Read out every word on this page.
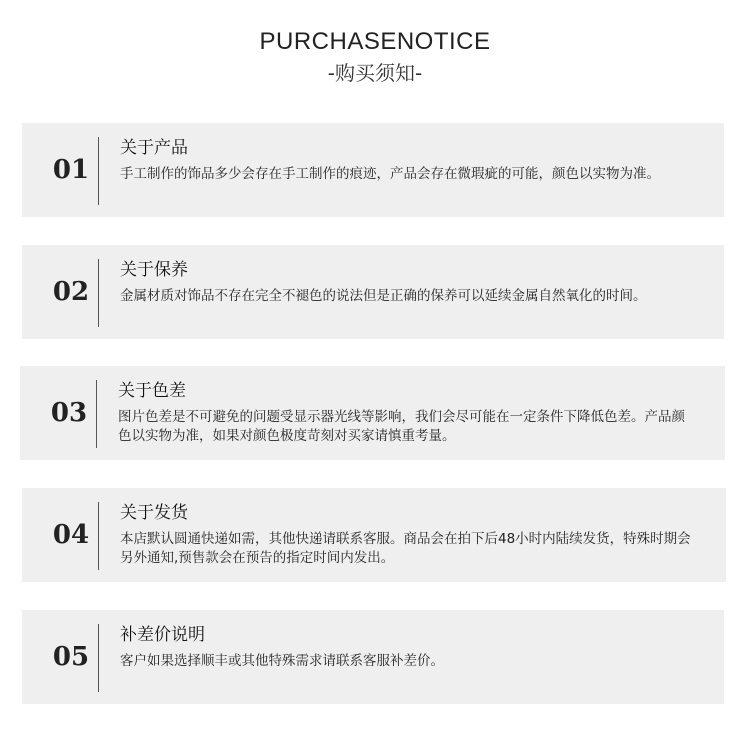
PURCHASENOTICE
-购买须知-
01
关于产品
手工制作的饰品多少会存在手工制作的痕迹，产品会存在微瑕疵的可能，颜色以实物为准。
02
关于保养
金属材质对饰品不存在完全不褪色的说法但是正确的保养可以延续金属自然氧化的时间。
03
关于色差
图片色差是不可避免的问题受显示器光线等影响，我们会尽可能在一定条件下降低色差。产品颜色以实物为准，如果对颜色极度苛刻对买家请慎重考量。
04
关于发货
本店默认圆通快递如需，其他快递请联系客服。商品会在拍下后48小时内陆续发货，特殊时期会另外通知,预售款会在预告的指定时间内发出。
05
补差价说明
客户如果选择顺丰或其他特殊需求请联系客服补差价。
